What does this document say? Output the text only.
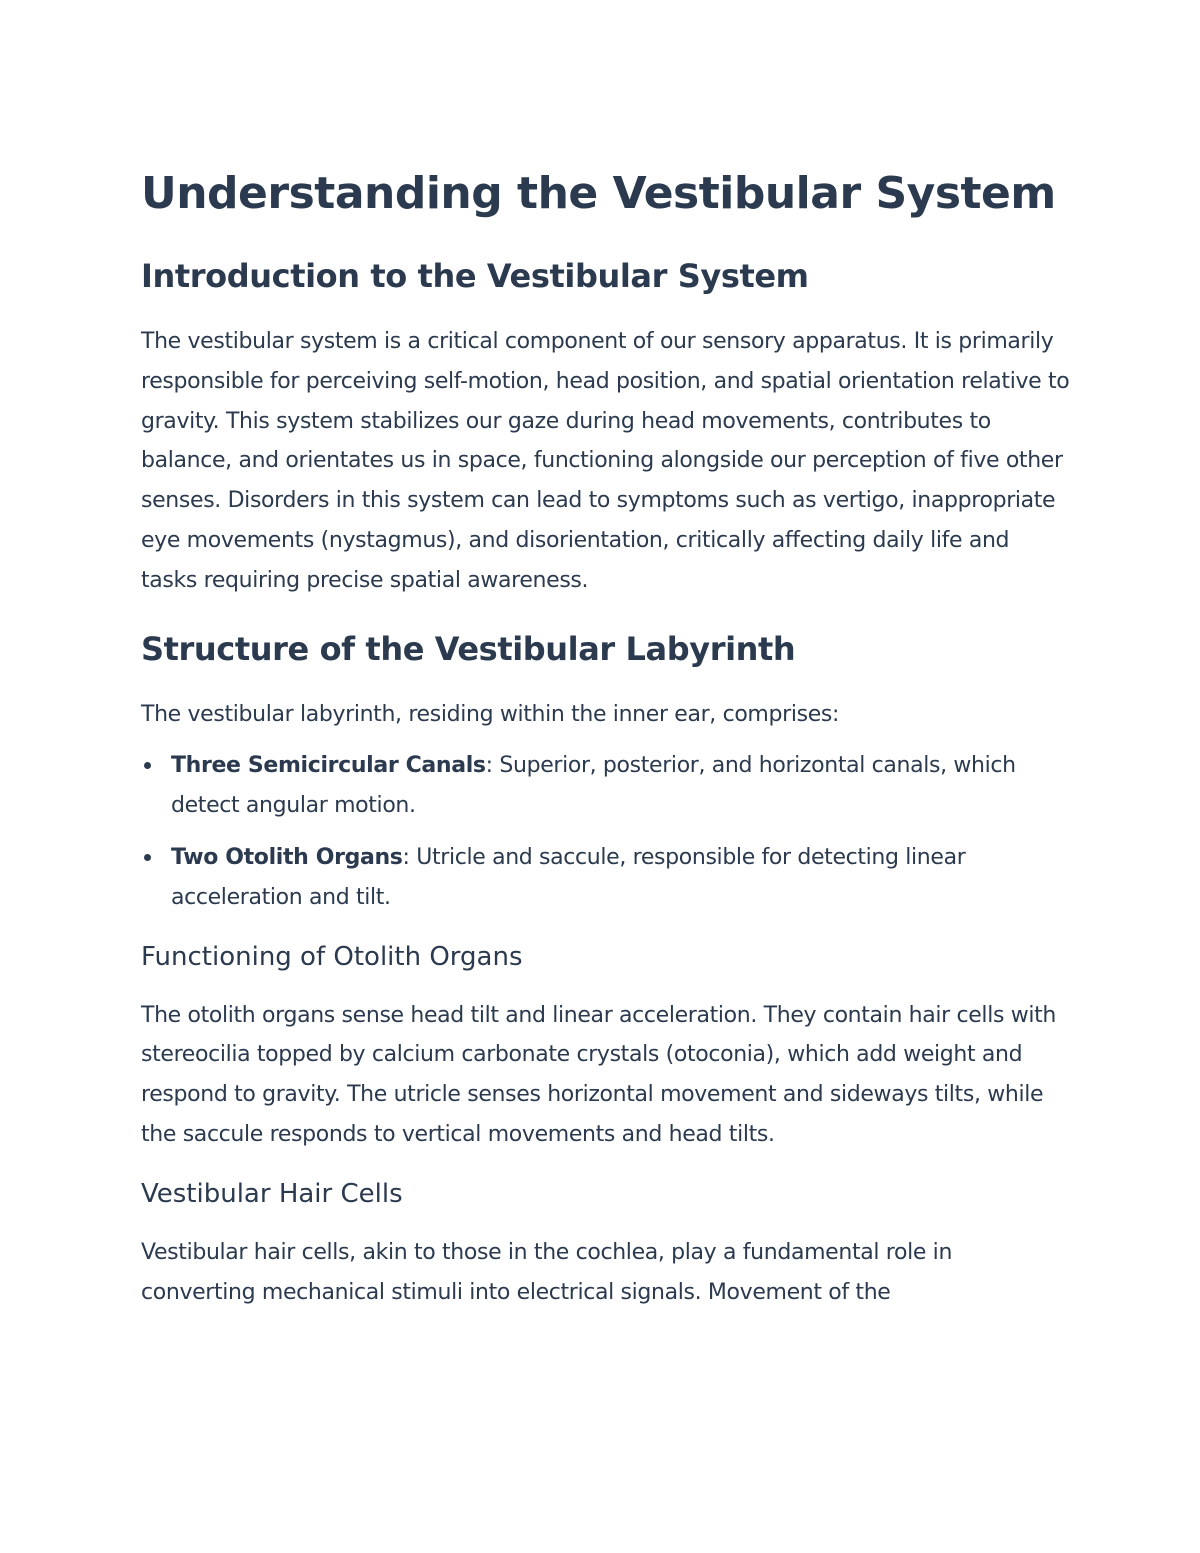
Understanding the Vestibular System
Introduction to the Vestibular System

The vestibular system is a critical component of our sensory apparatus. It is primarily responsible for perceiving self-motion, head position, and spatial orientation relative to gravity. This system stabilizes our gaze during head movements, contributes to balance, and orientates us in space, functioning alongside our perception of five other senses. Disorders in this system can lead to symptoms such as vertigo, inappropriate eye movements (nystagmus), and disorientation, critically affecting daily life and tasks requiring precise spatial awareness.

Structure of the Vestibular Labyrinth

The vestibular labyrinth, residing within the inner ear, comprises:

Three Semicircular Canals: Superior, posterior, and horizontal canals, which detect angular motion.
Two Otolith Organs: Utricle and saccule, responsible for detecting linear acceleration and tilt.
Functioning of Otolith Organs

The otolith organs sense head tilt and linear acceleration. They contain hair cells with stereocilia topped by calcium carbonate crystals (otoconia), which add weight and respond to gravity. The utricle senses horizontal movement and sideways tilts, while the saccule responds to vertical movements and head tilts.

Vestibular Hair Cells

Vestibular hair cells, akin to those in the cochlea, play a fundamental role in converting mechanical stimuli into electrical signals. Movement of the
